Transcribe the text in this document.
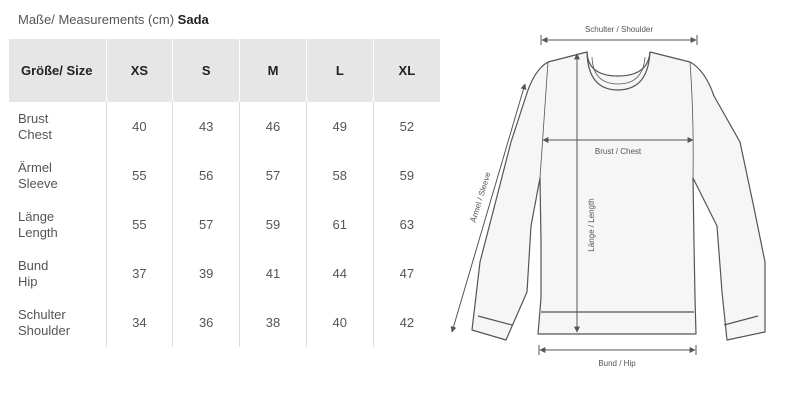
Maße/ Measurements (cm) Sada
Größe/ Size	XS	S	M	L	XL

Brust
Chest	40	43	46	49	52

Ärmel
Sleeve	55	56	57	58	59

Länge
Length	55	57	59	61	63

Bund
Hip	37	39	41	44	47

Schulter
Shoulder	34	36	38	40	42
Schulter / Shoulder
Brust / Chest
Länge / Length
Ärmel / Sleeve
Bund / Hip
